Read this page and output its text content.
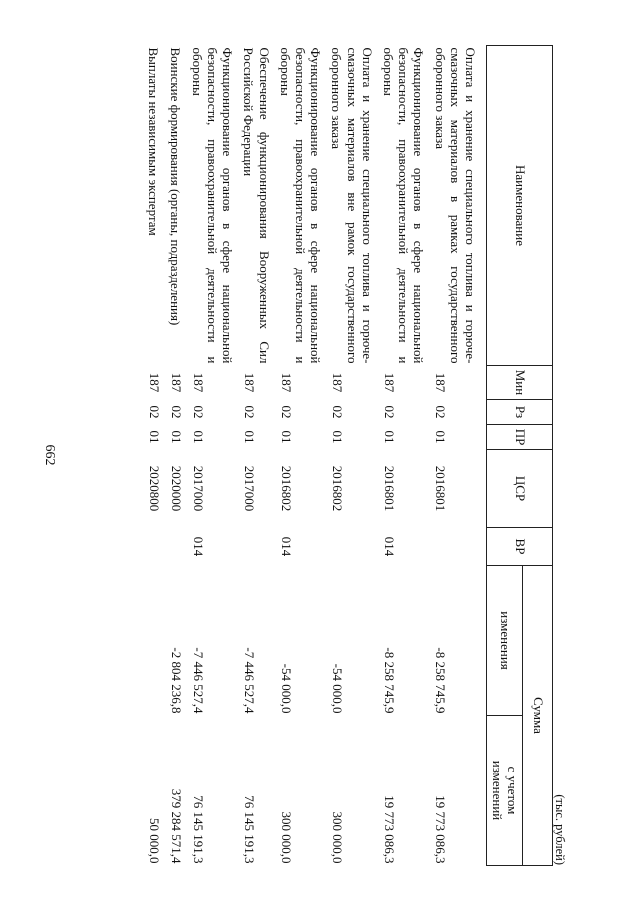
662
(тыс. рублей)
Наименование	Мин	Рз	ПР	ЦСР	ВР	Сумма	
						изменения	с учетом
изменений
Оплата и хранение специального топлива и горюче-смазочных материалов в рамках государственного оборонного заказа	187	02	01	2016801		-8 258 745,9	19 773 086,3
Функционирование органов в сфере национальной безопасности, правоохранительной деятельности и обороны	187	02	01	2016801	014	-8 258 745,9	19 773 086,3
Оплата и хранение специального топлива и горюче-смазочных материалов вне рамок государственного оборонного заказа	187	02	01	2016802		-54 000,0	300 000,0
Функционирование органов в сфере национальной безопасности, правоохранительной деятельности и обороны	187	02	01	2016802	014	-54 000,0	300 000,0
Обеспечение функционирования Вооруженных Сил Российской Федерации	187	02	01	2017000		-7 446 527,4	76 145 191,3
Функционирование органов в сфере национальной безопасности, правоохранительной деятельности и обороны	187	02	01	2017000	014	-7 446 527,4	76 145 191,3
Воинские формирования (органы, подразделения)	187	02	01	2020000		-2 804 236,8	379 284 571,4
Выплаты независимым экспертам	187	02	01	2020800			50 000,0
